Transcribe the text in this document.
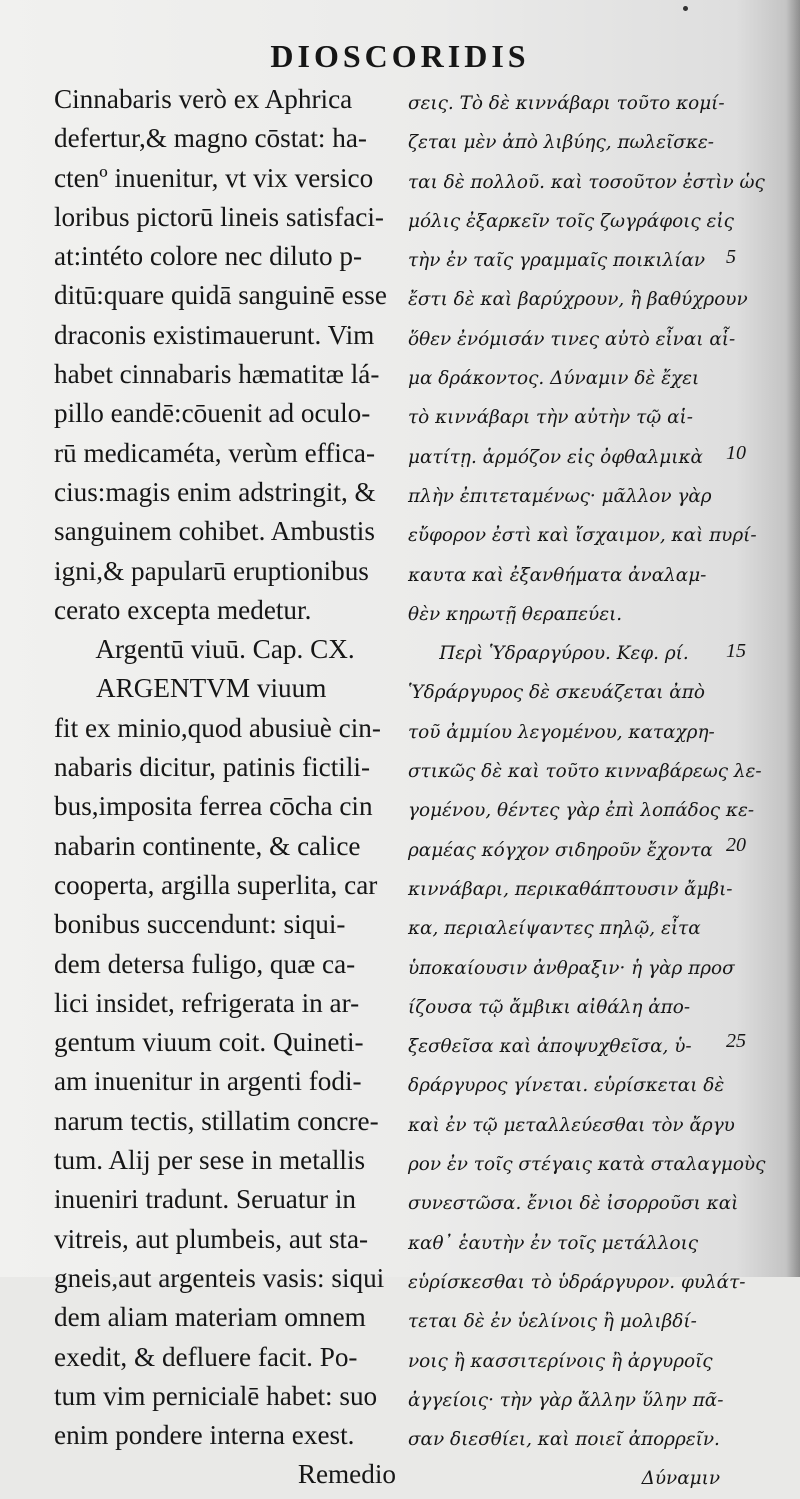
DIOSCORIDIS
Cinnabaris verò ex Aphrica
defertur,& magno cōstat: ha-
ctenº inuenitur, vt vix versico
loribus pictorū lineis satisfaci-
at:intéto colore nec diluto p-
ditū:quare quidā sanguinē esse
draconis existimauerunt. Vim
habet cinnabaris hæmatitæ lá-
pillo eandē:cōuenit ad oculo-
rū medicaméta, verùm effica-
cius:magis enim adstringit, &
sanguinem cohibet. Ambustis
igni,& papularū eruptionibus
cerato excepta medetur.
Argentū viuū. Cap. CX.
ARGENTVM viuum
fit ex minio,quod abusiuè cin-
nabaris dicitur, patinis fictili-
bus,imposita ferrea cōcha cin
nabarin continente, & calice
cooperta, argilla superlita, car
bonibus succendunt: siqui-
dem detersa fuligo, quæ ca-
lici insidet, refrigerata in ar-
gentum viuum coit. Quineti-
am inuenitur in argenti fodi-
narum tectis, stillatim concre-
tum. Alij per sese in metallis
inueniri tradunt. Seruatur in
vitreis, aut plumbeis, aut sta-
gneis,aut argenteis vasis: siqui
dem aliam materiam omnem
exedit, & defluere facit. Po-
tum vim pernicialē habet: suo
enim pondere interna exest.
Remedio
σεις. Τὸ δὲ κιννάβαρι τοῦτο κομί-
ζεται μὲν ἀπὸ λιβύης, πωλεῖσκε-
ται δὲ πολλοῦ. καὶ τοσοῦτον ἐστὶν ὡς
μόλις ἐξαρκεῖν τοῖς ζωγράφοις εἰς
τὴν ἐν ταῖς γραμμαῖς ποικιλίαν
ἔστι δὲ καὶ βαρύχρουν, ἢ βαθύχρουν
ὅθεν ἐνόμισάν τινες αὐτὸ εἶναι αἷ-
μα δράκοντος. Δύναμιν δὲ ἔχει
τὸ κιννάβαρι τὴν αὐτὴν τῷ αἱ-
ματίτῃ. ἁρμόζον εἰς ὀφθαλμικὰ
πλὴν ἐπιτεταμένως· μᾶλλον γὰρ
εὔφορον ἐστὶ καὶ ἴσχαιμον, καὶ πυρί-
καυτα καὶ ἐξανθήματα ἀναλαμ-
θὲν κηρωτῇ θεραπεύει.
Περὶ Ὑδραργύρου. Κεφ. ρί.
Ὑδράργυρος δὲ σκευάζεται ἀπὸ
τοῦ ἀμμίου λεγομένου, καταχρη-
στικῶς δὲ καὶ τοῦτο κινναβάρεως λε-
γομένου, θέντες γὰρ ἐπὶ λοπάδος κε-
ραμέας κόγχον σιδηροῦν ἔχοντα
κιννάβαρι, περικαθάπτουσιν ἄμβι-
κα, περιαλείψαντες πηλῷ, εἶτα
ὑποκαίουσιν ἀνθραξιν· ἡ γὰρ προσ
ίζουσα τῷ ἄμβικι αἰθάλη ἀπο-
ξεσθεῖσα καὶ ἀποψυχθεῖσα, ὑ-
δράργυρος γίνεται. εὑρίσκεται δὲ
καὶ ἐν τῷ μεταλλεύεσθαι τὸν ἄργυ
ρον ἐν τοῖς στέγαις κατὰ σταλαγμοὺς
συνεστῶσα. ἔνιοι δὲ ἰσορροῦσι καὶ
καθ᾽ ἑαυτὴν ἐν τοῖς μετάλλοις
εὑρίσκεσθαι τὸ ὑδράργυρον. φυλάτ-
τεται δὲ ἐν ὑελίνοις ἢ μολιβδί-
νοις ἢ κασσιτερίνοις ἢ ἀργυροῖς
ἀγγείοις· τὴν γὰρ ἄλλην ὕλην πᾶ-
σαν διεσθίει, καὶ ποιεῖ ἀπορρεῖν.
Δύναμιν
5
10
15
20
25
